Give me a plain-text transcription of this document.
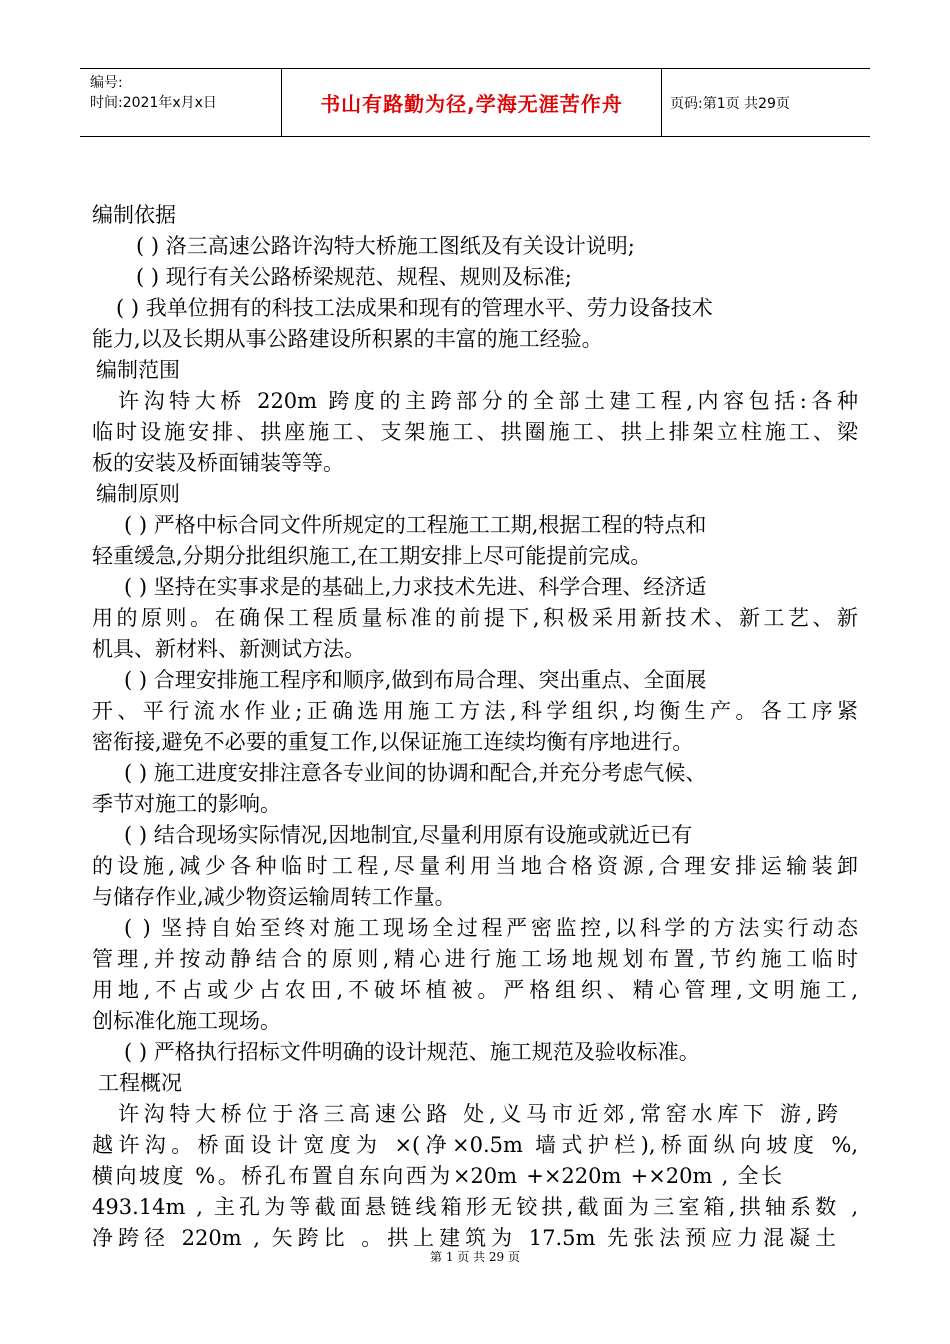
编号:
时间:2021年x月x日	书山有路勤为径,学海无涯苦作舟	页码:第1页 共29页
编制依据
( ) 洛三高速公路许沟特大桥施工图纸及有关设计说明;
( ) 现行有关公路桥梁规范、规程、规则及标准;
( ) 我单位拥有的科技工法成果和现有的管理水平、劳力设备技术
能力,以及长期从事公路建设所积累的丰富的施工经验。
编制范围
许沟特大桥 220m 跨度的主跨部分的全部土建工程,内容包括:各种
临时设施安排、拱座施工、支架施工、拱圈施工、拱上排架立柱施工、梁
板的安装及桥面铺装等等。
编制原则
( ) 严格中标合同文件所规定的工程施工工期,根据工程的特点和
轻重缓急,分期分批组织施工,在工期安排上尽可能提前完成。
( ) 坚持在实事求是的基础上,力求技术先进、科学合理、经济适
用的原则。在确保工程质量标准的前提下,积极采用新技术、新工艺、新
机具、新材料、新测试方法。
( ) 合理安排施工程序和顺序,做到布局合理、突出重点、全面展
开、平行流水作业;正确选用施工方法,科学组织,均衡生产。各工序紧
密衔接,避免不必要的重复工作,以保证施工连续均衡有序地进行。
( ) 施工进度安排注意各专业间的协调和配合,并充分考虑气候、
季节对施工的影响。
( ) 结合现场实际情况,因地制宜,尽量利用原有设施或就近已有
的设施,减少各种临时工程,尽量利用当地合格资源,合理安排运输装卸
与储存作业,减少物资运输周转工作量。
( ) 坚持自始至终对施工现场全过程严密监控,以科学的方法实行动态
管理,并按动静结合的原则,精心进行施工场地规划布置,节约施工临时
用地,不占或少占农田,不破坏植被。严格组织、精心管理,文明施工,
创标准化施工现场。
( ) 严格执行招标文件明确的设计规范、施工规范及验收标准。
工程概况
许沟特大桥位于洛三高速公路 处,义马市近郊,常窑水库下 游,跨
越许沟。桥面设计宽度为 ×(净×0.5m 墙式护栏),桥面纵向坡度 %,
横向坡度 %。桥孔布置自东向西为×20m +×220m +×20m , 全长
493.14m , 主孔为等截面悬链线箱形无铰拱,截面为三室箱,拱轴系数 ,
净跨径 220m , 矢跨比 。拱上建筑为 17.5m 先张法预应力混凝土
第 1 页 共 29 页
